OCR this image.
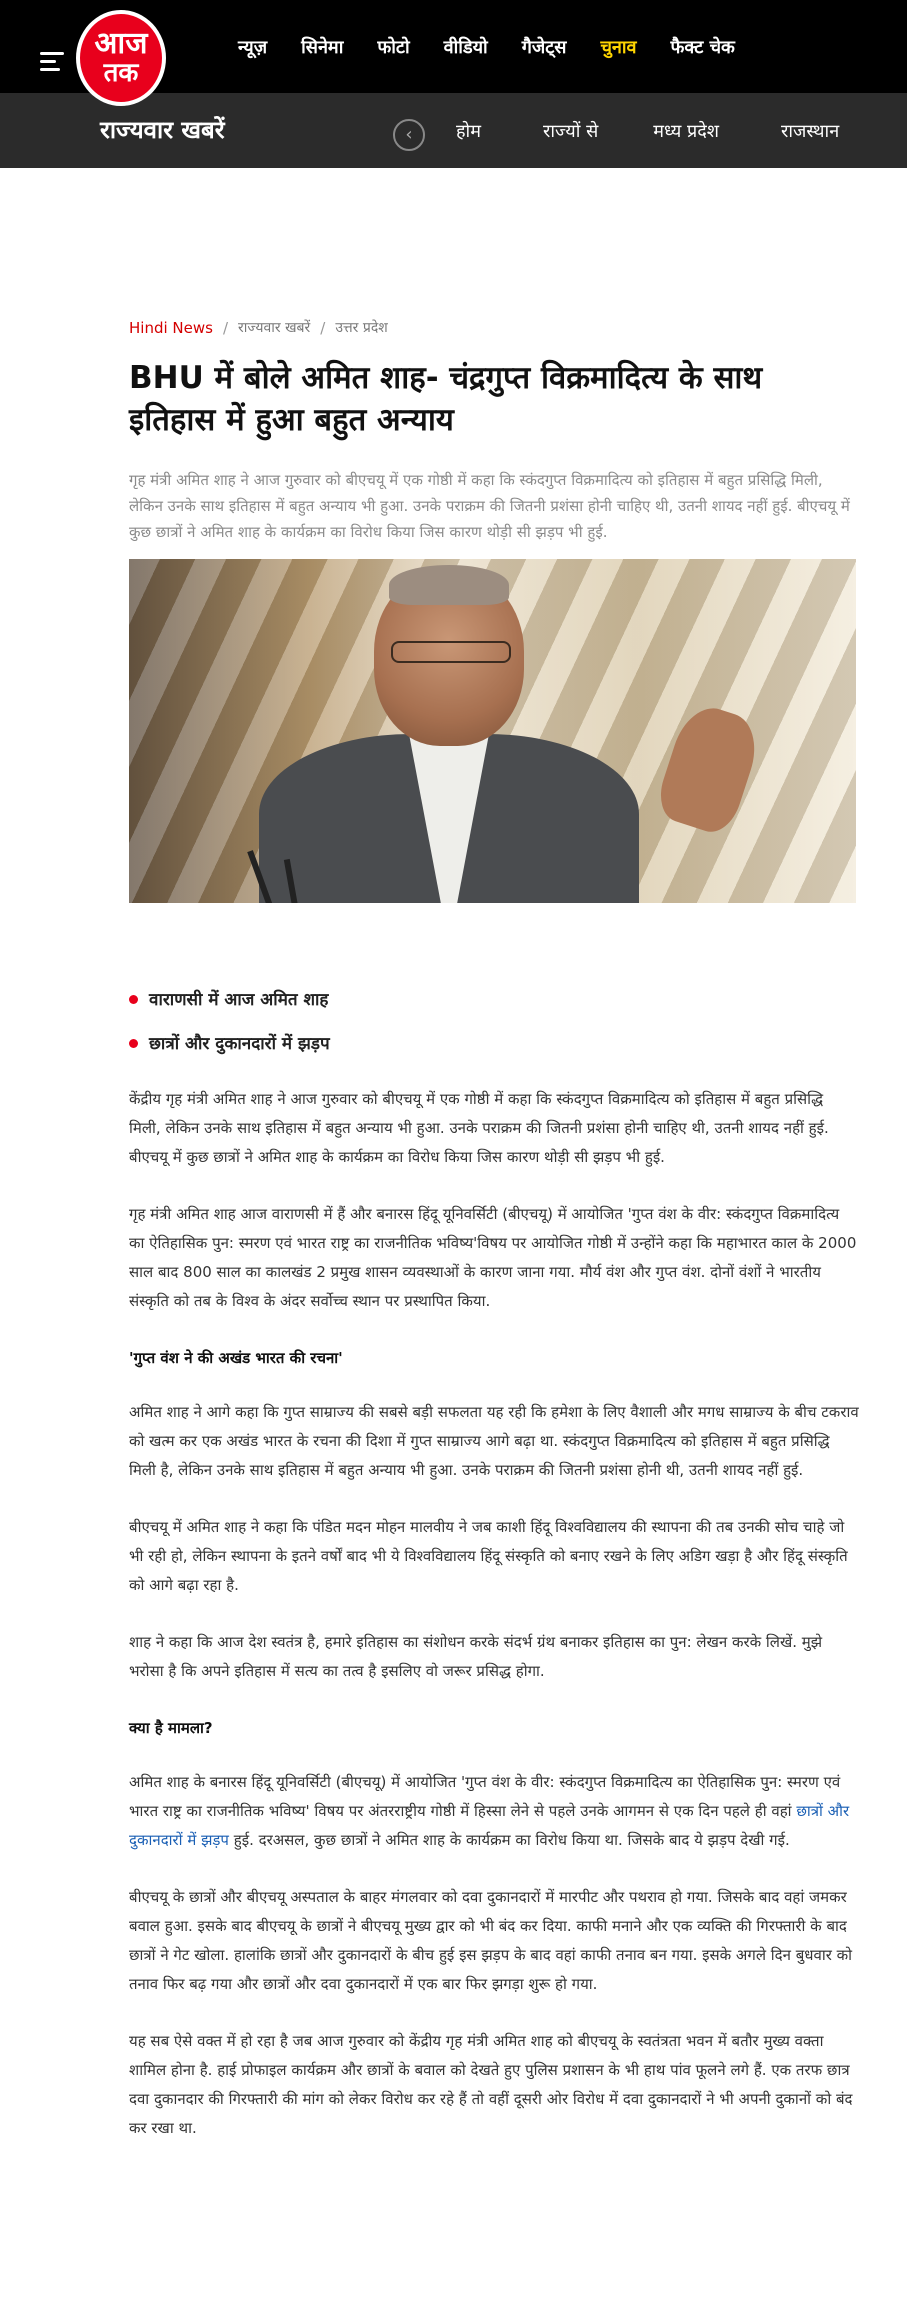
न्यूज़ सिनेमा फोटो वीडियो गैजेट्स चुनाव फैक्ट चेक
आज
तक
राज्यवार खबरें	‹	होम	राज्यों से	मध्य प्रदेश	राजस्थान
Hindi News / राज्यवार खबरें / उत्तर प्रदेश
BHU में बोले अमित शाह- चंद्रगुप्त विक्रमादित्य के साथ इतिहास में हुआ बहुत अन्याय

गृह मंत्री अमित शाह ने आज गुरुवार को बीएचयू में एक गोष्ठी में कहा कि स्कंदगुप्त विक्रमादित्य को इतिहास में बहुत प्रसिद्धि मिली, लेकिन उनके साथ इतिहास में बहुत अन्याय भी हुआ. उनके पराक्रम की जितनी प्रशंसा होनी चाहिए थी, उतनी शायद नहीं हुई. बीएचयू में कुछ छात्रों ने अमित शाह के कार्यक्रम का विरोध किया जिस कारण थोड़ी सी झड़प भी हुई.

वाराणसी में आज अमित शाह
छात्रों और दुकानदारों में झड़प

केंद्रीय गृह मंत्री अमित शाह ने आज गुरुवार को बीएचयू में एक गोष्ठी में कहा कि स्कंदगुप्त विक्रमादित्य को इतिहास में बहुत प्रसिद्धि मिली, लेकिन उनके साथ इतिहास में बहुत अन्याय भी हुआ. उनके पराक्रम की जितनी प्रशंसा होनी चाहिए थी, उतनी शायद नहीं हुई. बीएचयू में कुछ छात्रों ने अमित शाह के कार्यक्रम का विरोध किया जिस कारण थोड़ी सी झड़प भी हुई.

गृह मंत्री अमित शाह आज वाराणसी में हैं और बनारस हिंदू यूनिवर्सिटी (बीएचयू) में आयोजित 'गुप्त वंश के वीर: स्कंदगुप्त विक्रमादित्य का ऐतिहासिक पुन: स्मरण एवं भारत राष्ट्र का राजनीतिक भविष्य'विषय पर आयोजित गोष्ठी में उन्होंने कहा कि महाभारत काल के 2000 साल बाद 800 साल का कालखंड 2 प्रमुख शासन व्यवस्थाओं के कारण जाना गया. मौर्य वंश और गुप्त वंश. दोनों वंशों ने भारतीय संस्कृति को तब के विश्व के अंदर सर्वोच्च स्थान पर प्रस्थापित किया.

'गुप्त वंश ने की अखंड भारत की रचना'

अमित शाह ने आगे कहा कि गुप्त साम्राज्य की सबसे बड़ी सफलता यह रही कि हमेशा के लिए वैशाली और मगध साम्राज्य के बीच टकराव को खत्म कर एक अखंड भारत के रचना की दिशा में गुप्त साम्राज्य आगे बढ़ा था. स्कंदगुप्त विक्रमादित्य को इतिहास में बहुत प्रसिद्धि मिली है, लेकिन उनके साथ इतिहास में बहुत अन्याय भी हुआ. उनके पराक्रम की जितनी प्रशंसा होनी थी, उतनी शायद नहीं हुई.

बीएचयू में अमित शाह ने कहा कि पंडित मदन मोहन मालवीय ने जब काशी हिंदू विश्वविद्यालय की स्थापना की तब उनकी सोच चाहे जो भी रही हो, लेकिन स्थापना के इतने वर्षों बाद भी ये विश्वविद्यालय हिंदू संस्कृति को बनाए रखने के लिए अडिग खड़ा है और हिंदू संस्कृति को आगे बढ़ा रहा है.

शाह ने कहा कि आज देश स्वतंत्र है, हमारे इतिहास का संशोधन करके संदर्भ ग्रंथ बनाकर इतिहास का पुन: लेखन करके लिखें. मुझे भरोसा है कि अपने इतिहास में सत्य का तत्व है इसलिए वो जरूर प्रसिद्ध होगा.

क्या है मामला?

अमित शाह के बनारस हिंदू यूनिवर्सिटी (बीएचयू) में आयोजित 'गुप्त वंश के वीर: स्कंदगुप्त विक्रमादित्य का ऐतिहासिक पुन: स्मरण एवं भारत राष्ट्र का राजनीतिक भविष्य' विषय पर अंतरराष्ट्रीय गोष्ठी में हिस्सा लेने से पहले उनके आगमन से एक दिन पहले ही वहां छात्रों और दुकानदारों में झड़प हुई. दरअसल, कुछ छात्रों ने अमित शाह के कार्यक्रम का विरोध किया था. जिसके बाद ये झड़प देखी गई.

बीएचयू के छात्रों और बीएचयू अस्पताल के बाहर मंगलवार को दवा दुकानदारों में मारपीट और पथराव हो गया. जिसके बाद वहां जमकर बवाल हुआ. इसके बाद बीएचयू के छात्रों ने बीएचयू मुख्य द्वार को भी बंद कर दिया. काफी मनाने और एक व्यक्ति की गिरफ्तारी के बाद छात्रों ने गेट खोला. हालांकि छात्रों और दुकानदारों के बीच हुई इस झड़प के बाद वहां काफी तनाव बन गया. इसके अगले दिन बुधवार को तनाव फिर बढ़ गया और छात्रों और दवा दुकानदारों में एक बार फिर झगड़ा शुरू हो गया.

यह सब ऐसे वक्त में हो रहा है जब आज गुरुवार को केंद्रीय गृह मंत्री अमित शाह को बीएचयू के स्वतंत्रता भवन में बतौर मुख्य वक्ता शामिल होना है. हाई प्रोफाइल कार्यक्रम और छात्रों के बवाल को देखते हुए पुलिस प्रशासन के भी हाथ पांव फूलने लगे हैं. एक तरफ छात्र दवा दुकानदार की गिरफ्तारी की मांग को लेकर विरोध कर रहे हैं तो वहीं दूसरी ओर विरोध में दवा दुकानदारों ने भी अपनी दुकानों को बंद कर रखा था.
